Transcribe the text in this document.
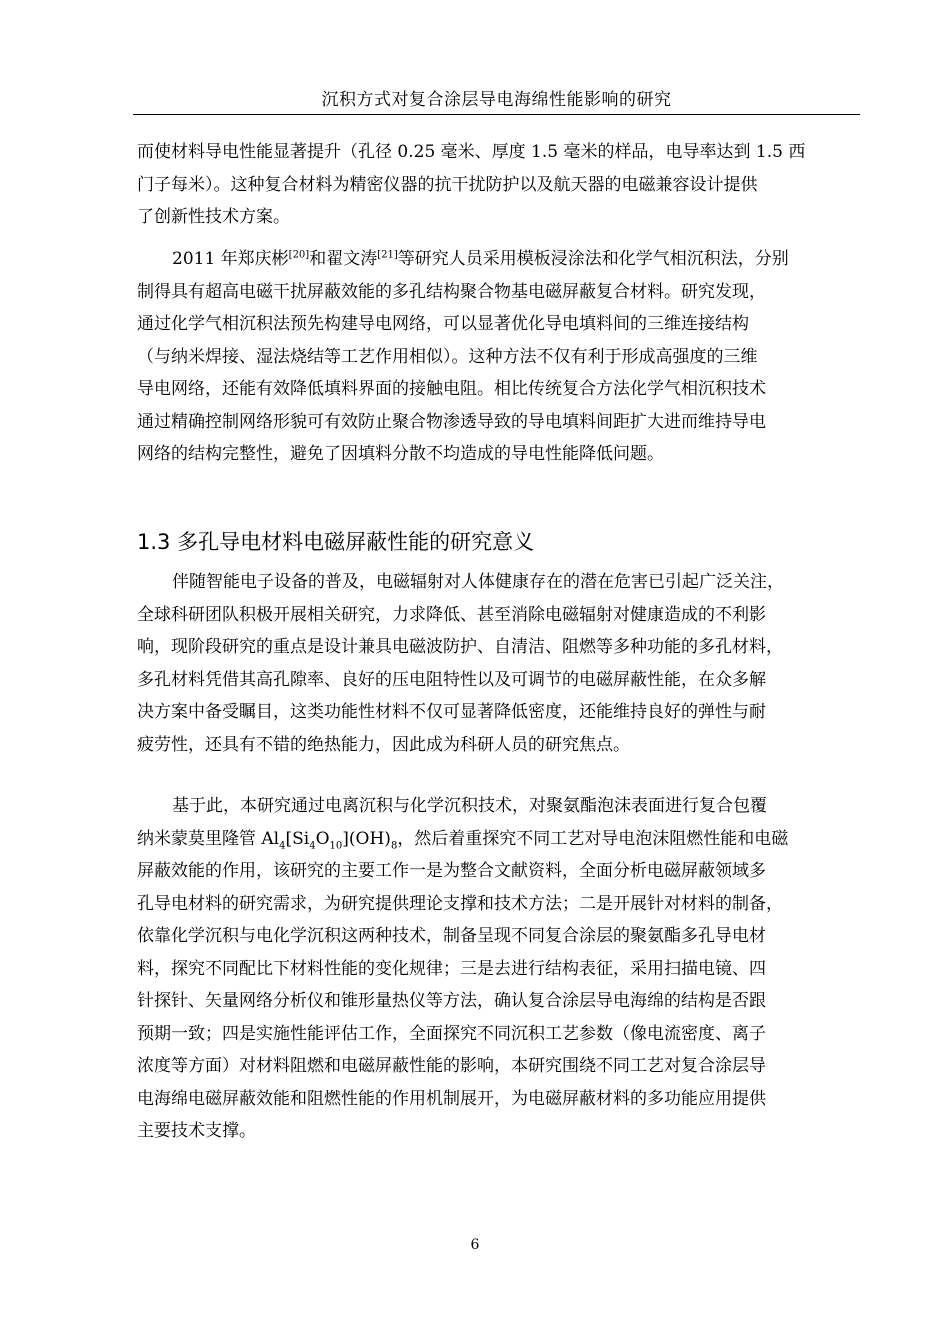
沉积方式对复合涂层导电海绵性能影响的研究

而使材料导电性能显著提升（孔径 0.25 毫米、厚度 1.5 毫米的样品，电导率达到 1.5 西
门子每米）。这种复合材料为精密仪器的抗干扰防护以及航天器的电磁兼容设计提供
了创新性技术方案。

2011 年郑庆彬[20]和翟文涛[21]等研究人员采用模板浸涂法和化学气相沉积法，分别
制得具有超高电磁干扰屏蔽效能的多孔结构聚合物基电磁屏蔽复合材料。研究发现，
通过化学气相沉积法预先构建导电网络，可以显著优化导电填料间的三维连接结构
（与纳米焊接、湿法烧结等工艺作用相似）。这种方法不仅有利于形成高强度的三维
导电网络，还能有效降低填料界面的接触电阻。相比传统复合方法化学气相沉积技术
通过精确控制网络形貌可有效防止聚合物渗透导致的导电填料间距扩大进而维持导电
网络的结构完整性，避免了因填料分散不均造成的导电性能降低问题。

1.3 多孔导电材料电磁屏蔽性能的研究意义

伴随智能电子设备的普及，电磁辐射对人体健康存在的潜在危害已引起广泛关注，
全球科研团队积极开展相关研究，力求降低、甚至消除电磁辐射对健康造成的不利影
响，现阶段研究的重点是设计兼具电磁波防护、自清洁、阻燃等多种功能的多孔材料，
多孔材料凭借其高孔隙率、良好的压电阻特性以及可调节的电磁屏蔽性能，在众多解
决方案中备受瞩目，这类功能性材料不仅可显著降低密度，还能维持良好的弹性与耐
疲劳性，还具有不错的绝热能力，因此成为科研人员的研究焦点。

基于此，本研究通过电离沉积与化学沉积技术，对聚氨酯泡沫表面进行复合包覆
纳米蒙莫里隆管 $Al_4[Si_4O_{10}](OH)_8$，然后着重探究不同工艺对导电泡沫阻燃性能和电磁
屏蔽效能的作用，该研究的主要工作一是为整合文献资料，全面分析电磁屏蔽领域多
孔导电材料的研究需求，为研究提供理论支撑和技术方法；二是开展针对材料的制备，
依靠化学沉积与电化学沉积这两种技术，制备呈现不同复合涂层的聚氨酯多孔导电材
料，探究不同配比下材料性能的变化规律；三是去进行结构表征，采用扫描电镜、四
针探针、矢量网络分析仪和锥形量热仪等方法，确认复合涂层导电海绵的结构是否跟
预期一致；四是实施性能评估工作，全面探究不同沉积工艺参数（像电流密度、离子
浓度等方面）对材料阻燃和电磁屏蔽性能的影响，本研究围绕不同工艺对复合涂层导
电海绵电磁屏蔽效能和阻燃性能的作用机制展开，为电磁屏蔽材料的多功能应用提供
主要技术支撑。

6
